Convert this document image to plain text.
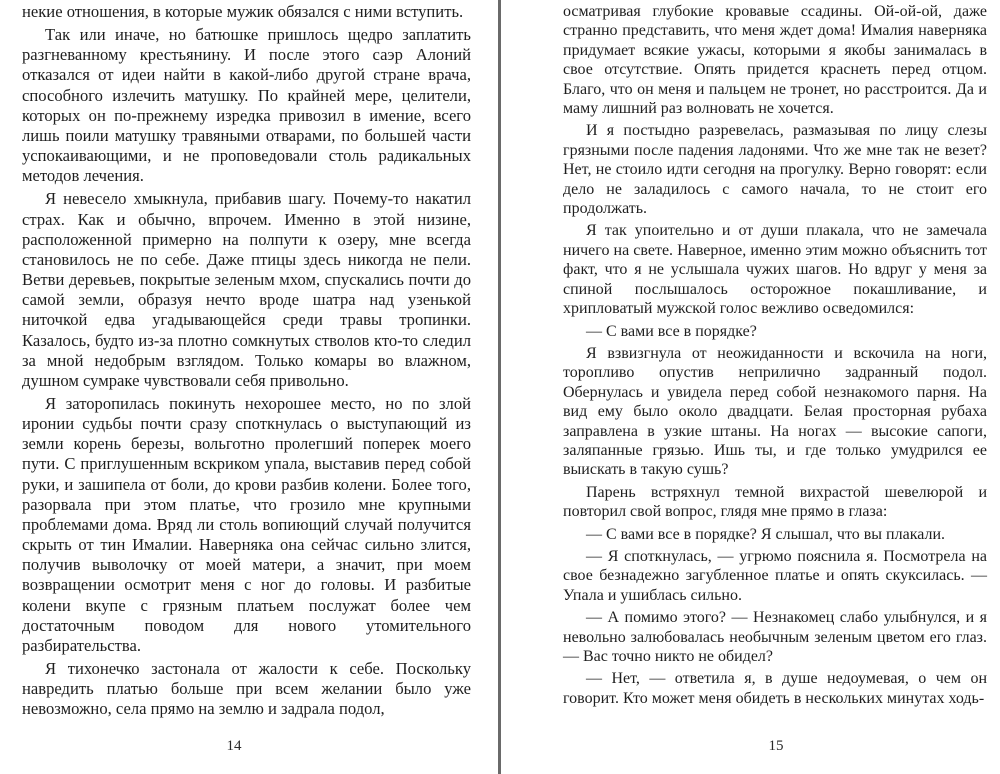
некие отношения, в которые мужик обязался с ними вступить.

Так или иначе, но батюшке пришлось щедро заплатить разгневанному крестьянину. И после этого саэр Алоний отказался от идеи найти в какой-либо другой стране врача, способного излечить матушку. По крайней мере, целители, которых он по-прежнему изредка привозил в имение, всего лишь поили матушку травяными отварами, по большей части успокаивающими, и не проповедовали столь радикальных методов лечения.

Я невесело хмыкнула, прибавив шагу. Почему-то накатил страх. Как и обычно, впрочем. Именно в этой низине, расположенной примерно на полпути к озеру, мне всегда становилось не по себе. Даже птицы здесь никогда не пели. Ветви деревьев, покрытые зеленым мхом, спускались почти до самой земли, образуя нечто вроде шатра над узенькой ниточкой едва угадывающейся среди травы тропинки. Казалось, будто из-за плотно сомкнутых стволов кто-то следил за мной недобрым взглядом. Только комары во влажном, душном сумраке чувствовали себя привольно.

Я заторопилась покинуть нехорошее место, но по злой иронии судьбы почти сразу споткнулась о выступающий из земли корень березы, вольготно пролегший поперек моего пути. С приглушенным вскриком упала, выставив перед собой руки, и зашипела от боли, до крови разбив колени. Более того, разорвала при этом платье, что грозило мне крупными проблемами дома. Вряд ли столь вопиющий случай получится скрыть от тин Ималии. Наверняка она сейчас сильно злится, получив выволочку от моей матери, а значит, при моем возвращении осмотрит меня с ног до головы. И разбитые колени вкупе с грязным платьем послужат более чем достаточным поводом для нового утомительного разбирательства.

Я тихонечко застонала от жалости к себе. Поскольку навредить платью больше при всем желании было уже невозможно, села прямо на землю и задрала подол,

14

осматривая глубокие кровавые ссадины. Ой-ой-ой, даже странно представить, что меня ждет дома! Ималия наверняка придумает всякие ужасы, которыми я якобы занималась в свое отсутствие. Опять придется краснеть перед отцом. Благо, что он меня и пальцем не тронет, но расстроится. Да и маму лишний раз волновать не хочется.

И я постыдно разревелась, размазывая по лицу слезы грязными после падения ладонями. Что же мне так не везет? Нет, не стоило идти сегодня на прогулку. Верно говорят: если дело не заладилось с самого начала, то не стоит его продолжать.

Я так упоительно и от души плакала, что не замечала ничего на свете. Наверное, именно этим можно объяснить тот факт, что я не услышала чужих шагов. Но вдруг у меня за спиной послышалось осторожное покашливание, и хрипловатый мужской голос вежливо осведомился:

— С вами все в порядке?

Я взвизгнула от неожиданности и вскочила на ноги, торопливо опустив неприлично задранный подол. Обернулась и увидела перед собой незнакомого парня. На вид ему было около двадцати. Белая просторная рубаха заправлена в узкие штаны. На ногах — высокие сапоги, заляпанные грязью. Ишь ты, и где только умудрился ее выискать в такую сушь?

Парень встряхнул темной вихрастой шевелюрой и повторил свой вопрос, глядя мне прямо в глаза:

— С вами все в порядке? Я слышал, что вы плакали.

— Я споткнулась, — угрюмо пояснила я. Посмотрела на свое безнадежно загубленное платье и опять скуксилась. — Упала и ушиблась сильно.

— А помимо этого? — Незнакомец слабо улыбнулся, и я невольно залюбовалась необычным зеленым цветом его глаз. — Вас точно никто не обидел?

— Нет, — ответила я, в душе недоумевая, о чем он говорит. Кто может меня обидеть в нескольких минутах ходь-

15
